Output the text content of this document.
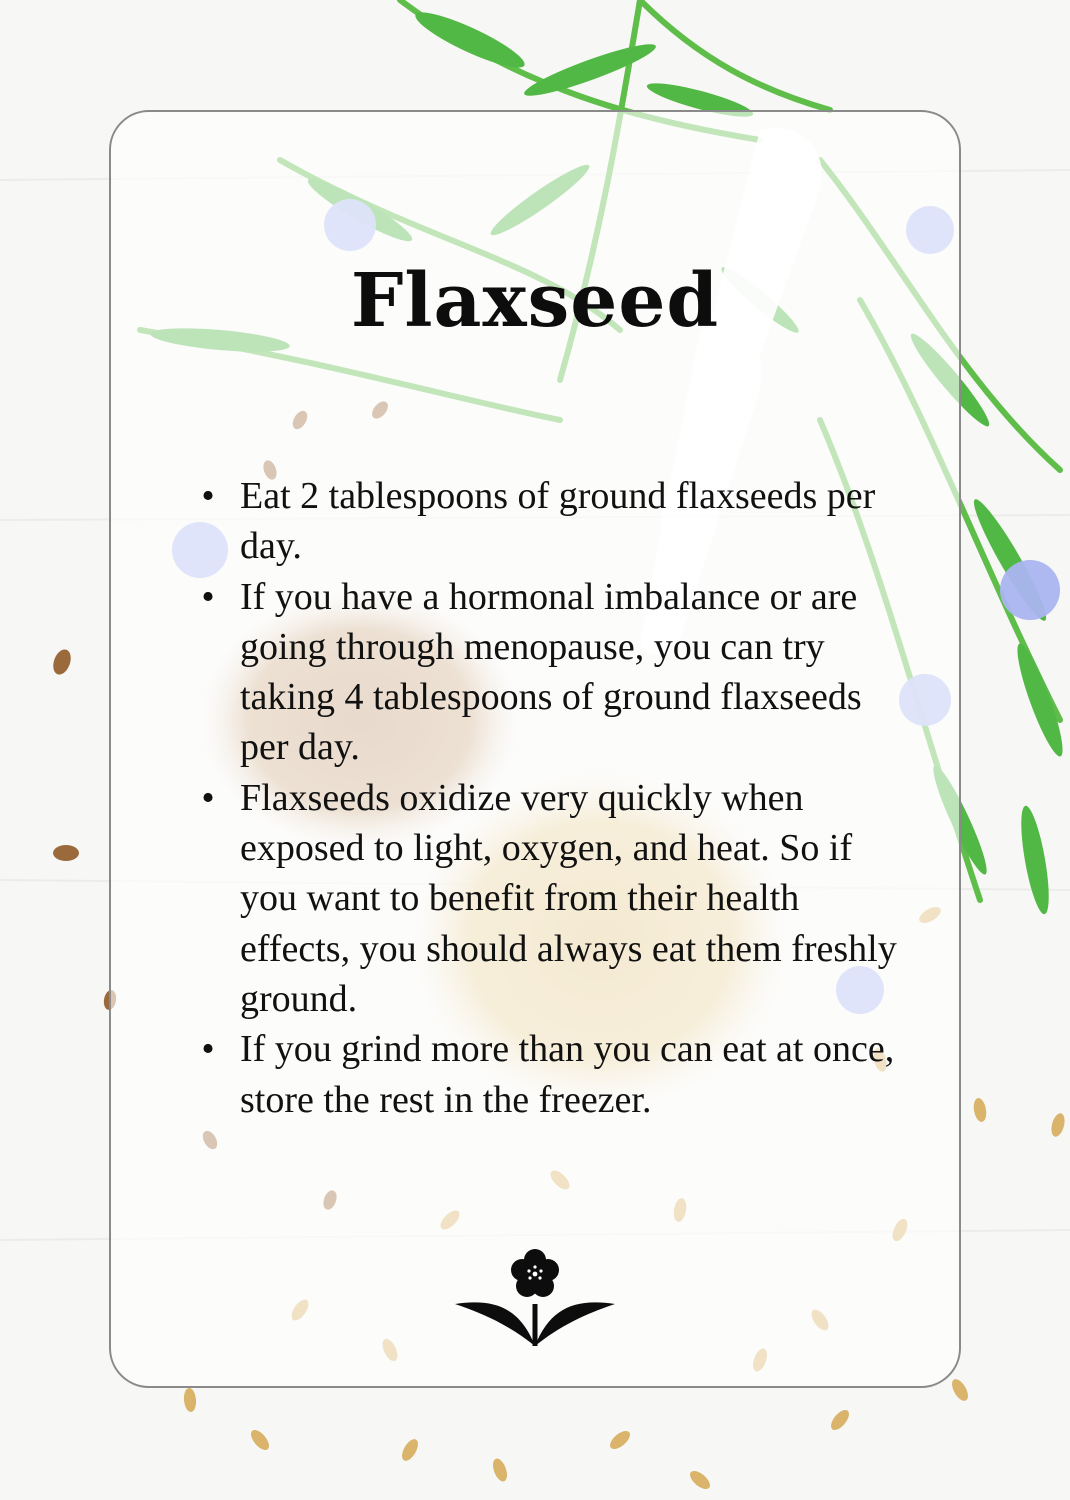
Flaxseed
• Eat 2 tablespoons of ground flaxseeds per day.
• If you have a hormonal imbalance or are going through menopause, you can try taking 4 tablespoons of ground flaxseeds per day.
• Flaxseeds oxidize very quickly when exposed to light, oxygen, and heat. So if you want to benefit from their health effects, you should always eat them freshly ground.
• If you grind more than you can eat at once, store the rest in the freezer.
